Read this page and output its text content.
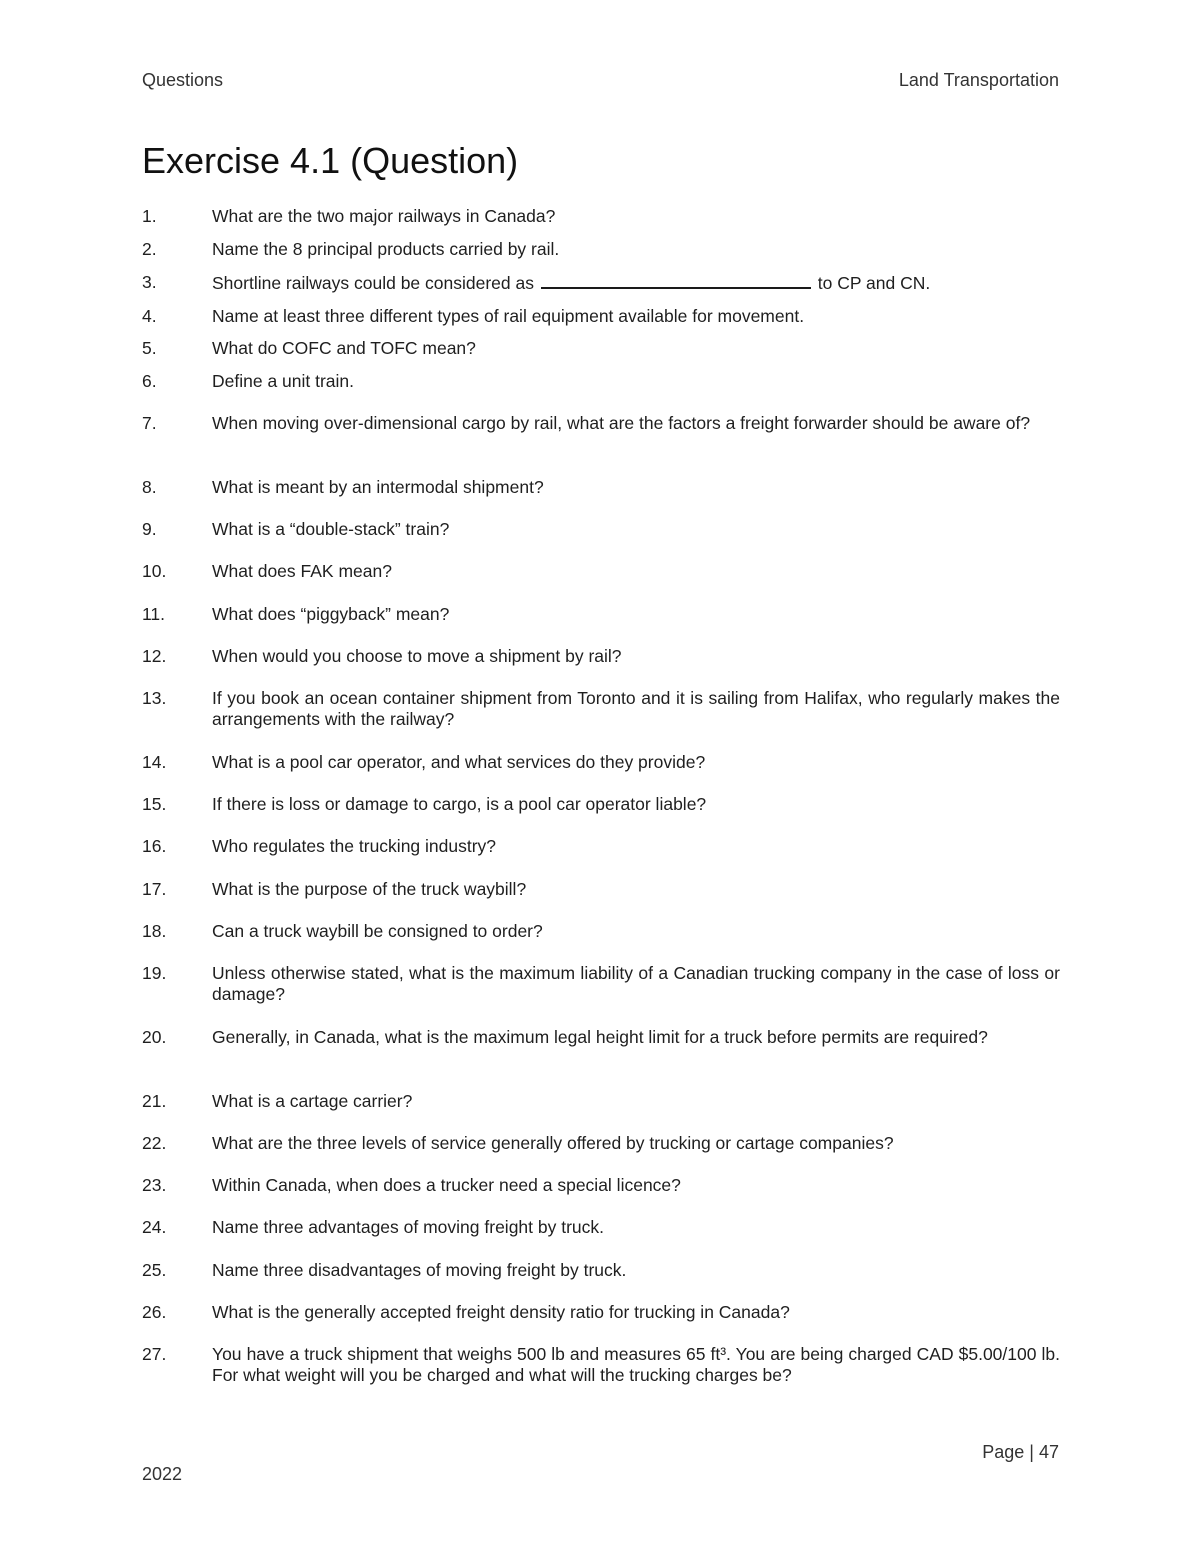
Questions	Land Transportation
Exercise 4.1 (Question)
1.	What are the two major railways in Canada?
2.	Name the 8 principal products carried by rail.
3.	Shortline railways could be considered as	to CP and CN.
4.	Name at least three different types of rail equipment available for movement.
5.	What do COFC and TOFC mean?
6.	Define a unit train.
7.	When moving over-dimensional cargo by rail, what are the factors a freight forwarder should be aware of?
8.	What is meant by an intermodal shipment?
9.	What is a “double-stack” train?
10.	What does FAK mean?
11.	What does “piggyback” mean?
12.	When would you choose to move a shipment by rail?
13.	If you book an ocean container shipment from Toronto and it is sailing from Halifax, who regularly makes the arrangements with the railway?
14.	What is a pool car operator, and what services do they provide?
15.	If there is loss or damage to cargo, is a pool car operator liable?
16.	Who regulates the trucking industry?
17.	What is the purpose of the truck waybill?
18.	Can a truck waybill be consigned to order?
19.	Unless otherwise stated, what is the maximum liability of a Canadian trucking company in the case of loss or damage?
20.	Generally, in Canada, what is the maximum legal height limit for a truck before permits are required?
21.	What is a cartage carrier?
22.	What are the three levels of service generally offered by trucking or cartage companies?
23.	Within Canada, when does a trucker need a special licence?
24.	Name three advantages of moving freight by truck.
25.	Name three disadvantages of moving freight by truck.
26.	What is the generally accepted freight density ratio for trucking in Canada?
27.	You have a truck shipment that weighs 500 lb and measures 65 ft³. You are being charged CAD $5.00/100 lb. For what weight will you be charged and what will the trucking charges be?
Page | 47
2022
